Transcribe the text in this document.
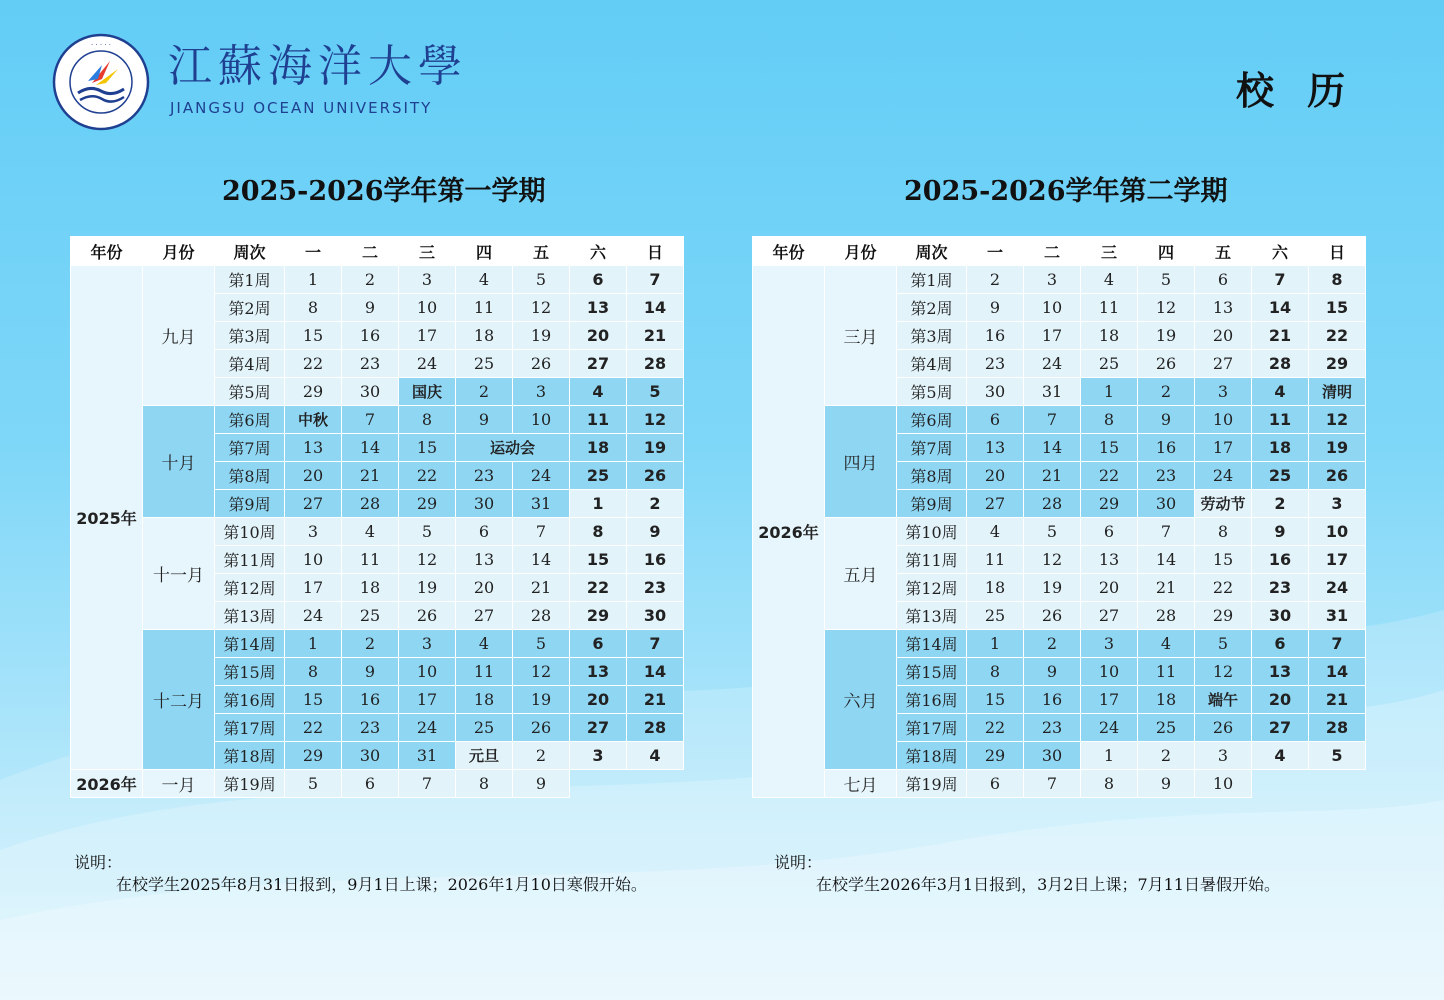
· · · · · 江蘇海洋大學
JIANGSU OCEAN UNIVERSITY	校 历
2025-2026学年第一学期
年份	月份	周次	一	二	三	四	五	六	日
2025年	九月	第1周	1	2	3	4	5	6	7
		第2周	8	9	10	11	12	13	14
		第3周	15	16	17	18	19	20	21
		第4周	22	23	24	25	26	27	28
		第5周	29	30	国庆	2	3	4	5
	十月	第6周	中秋	7	8	9	10	11	12
		第7周	13	14	15	运动会		18	19
		第8周	20	21	22	23	24	25	26
		第9周	27	28	29	30	31	1	2
	十一月	第10周	3	4	5	6	7	8	9
		第11周	10	11	12	13	14	15	16
		第12周	17	18	19	20	21	22	23
		第13周	24	25	26	27	28	29	30
	十二月	第14周	1	2	3	4	5	6	7
		第15周	8	9	10	11	12	13	14
		第16周	15	16	17	18	19	20	21
		第17周	22	23	24	25	26	27	28
		第18周	29	30	31	元旦	2	3	4
2026年	一月	第19周	5	6	7	8	9		
说明：
在校学生2025年8月31日报到，9月1日上课；2026年1月10日寒假开始。
2025-2026学年第二学期
年份	月份	周次	一	二	三	四	五	六	日
2026年	三月	第1周	2	3	4	5	6	7	8
		第2周	9	10	11	12	13	14	15
		第3周	16	17	18	19	20	21	22
		第4周	23	24	25	26	27	28	29
		第5周	30	31	1	2	3	4	清明
	四月	第6周	6	7	8	9	10	11	12
		第7周	13	14	15	16	17	18	19
		第8周	20	21	22	23	24	25	26
		第9周	27	28	29	30	劳动节	2	3
	五月	第10周	4	5	6	7	8	9	10
		第11周	11	12	13	14	15	16	17
		第12周	18	19	20	21	22	23	24
		第13周	25	26	27	28	29	30	31
	六月	第14周	1	2	3	4	5	6	7
		第15周	8	9	10	11	12	13	14
		第16周	15	16	17	18	端午	20	21
		第17周	22	23	24	25	26	27	28
		第18周	29	30	1	2	3	4	5
	七月	第19周	6	7	8	9	10		
说明：
在校学生2026年3月1日报到，3月2日上课；7月11日暑假开始。
